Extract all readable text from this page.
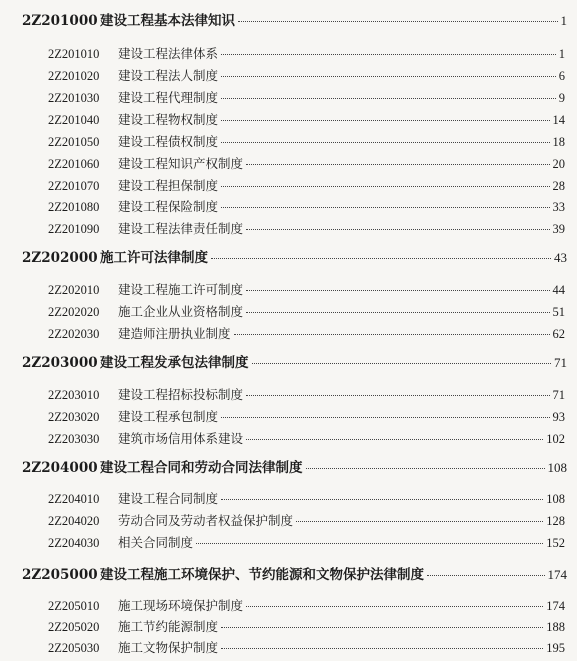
2Z201000 建设工程基本法律知识	1
2Z201010	建设工程法律体系	1
2Z201020	建设工程法人制度	6
2Z201030	建设工程代理制度	9
2Z201040	建设工程物权制度	14
2Z201050	建设工程债权制度	18
2Z201060	建设工程知识产权制度	20
2Z201070	建设工程担保制度	28
2Z201080	建设工程保险制度	33
2Z201090	建设工程法律责任制度	39
2Z202000 施工许可法律制度	43
2Z202010	建设工程施工许可制度	44
2Z202020	施工企业从业资格制度	51
2Z202030	建造师注册执业制度	62
2Z203000 建设工程发承包法律制度	71
2Z203010	建设工程招标投标制度	71
2Z203020	建设工程承包制度	93
2Z203030	建筑市场信用体系建设	102
2Z204000 建设工程合同和劳动合同法律制度	108
2Z204010	建设工程合同制度	108
2Z204020	劳动合同及劳动者权益保护制度	128
2Z204030	相关合同制度	152
2Z205000 建设工程施工环境保护、节约能源和文物保护法律制度	174
2Z205010	施工现场环境保护制度	174
2Z205020	施工节约能源制度	188
2Z205030	施工文物保护制度	195
